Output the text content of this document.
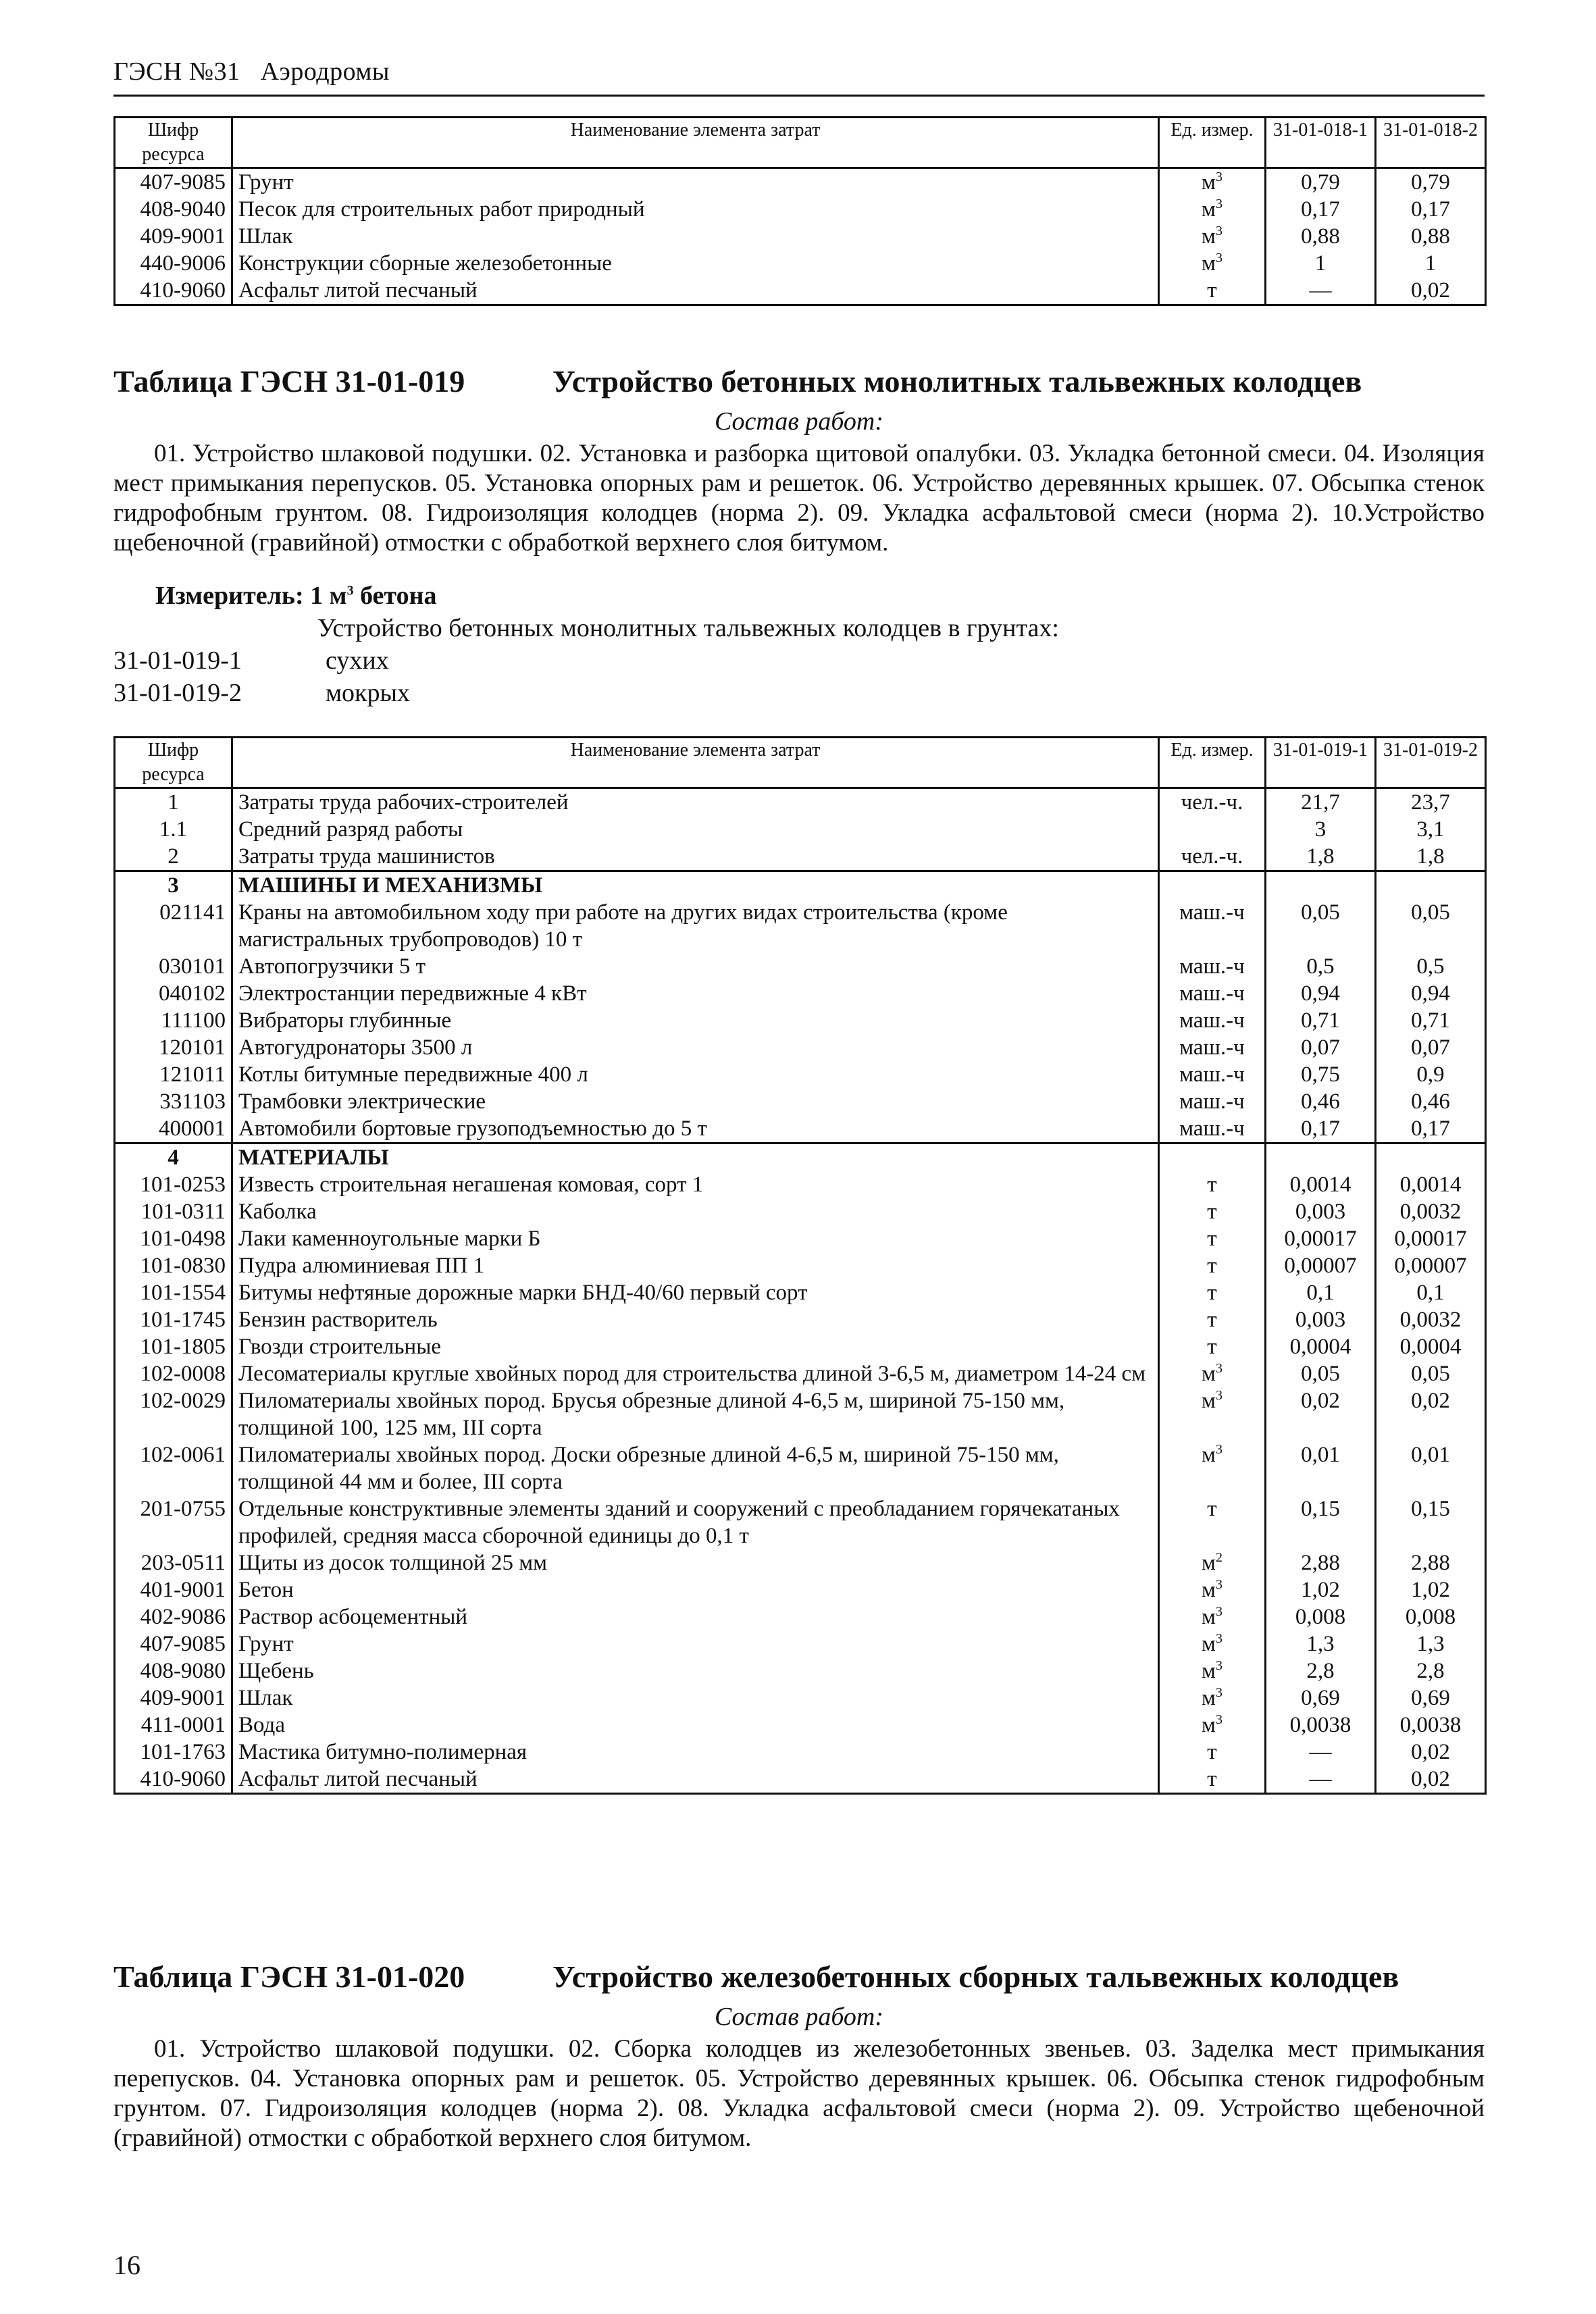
ГЭСН №31 Аэродромы
Шифр ресурса	Наименование элемента затрат	Ед. измер.	31-01-018-1	31-01-018-2
407-9085	Грунт	$м^3$	0,79	0,79
408-9040	Песок для строительных работ природный	$м^3$	0,17	0,17
409-9001	Шлак	$м^3$	0,88	0,88
440-9006	Конструкции сборные железобетонные	$м^3$	1	1
410-9060	Асфальт литой песчаный	т	—	0,02
Таблица ГЭСН 31-01-019	Устройство бетонных монолитных тальвежных колодцев
Состав работ:
01. Устройство шлаковой подушки. 02. Установка и разборка щитовой опалубки. 03. Укладка бетонной смеси. 04. Изоляция мест примыкания перепусков. 05. Установка опорных рам и решеток. 06. Устройство деревянных крышек. 07. Обсыпка стенок гидрофобным грунтом. 08. Гидроизоляция колодцев (норма 2). 09. Укладка асфальтовой смеси (норма 2). 10.Устройство щебеночной (гравийной) отмостки с обработкой верхнего слоя битумом.
Измеритель: 1 $м^3$ бетона
Устройство бетонных монолитных тальвежных колодцев в грунтах:
31-01-019-1	сухих
31-01-019-2	мокрых
Шифр ресурса	Наименование элемента затрат	Ед. измер.	31-01-019-1	31-01-019-2
1	Затраты труда рабочих-строителей	чел.-ч.	21,7	23,7
1.1	Средний разряд работы		3	3,1
2	Затраты труда машинистов	чел.-ч.	1,8	1,8
3	МАШИНЫ И МЕХАНИЗМЫ			
021141	Краны на автомобильном ходу при работе на других видах строительства (кроме магистральных трубопроводов) 10 т	маш.-ч	0,05	0,05
030101	Автопогрузчики 5 т	маш.-ч	0,5	0,5
040102	Электростанции передвижные 4 кВт	маш.-ч	0,94	0,94
111100	Вибраторы глубинные	маш.-ч	0,71	0,71
120101	Автогудронаторы 3500 л	маш.-ч	0,07	0,07
121011	Котлы битумные передвижные 400 л	маш.-ч	0,75	0,9
331103	Трамбовки электрические	маш.-ч	0,46	0,46
400001	Автомобили бортовые грузоподъемностью до 5 т	маш.-ч	0,17	0,17
4	МАТЕРИАЛЫ			
101-0253	Известь строительная негашеная комовая, сорт 1	т	0,0014	0,0014
101-0311	Каболка	т	0,003	0,0032
101-0498	Лаки каменноугольные марки Б	т	0,00017	0,00017
101-0830	Пудра алюминиевая ПП 1	т	0,00007	0,00007
101-1554	Битумы нефтяные дорожные марки БНД-40/60 первый сорт	т	0,1	0,1
101-1745	Бензин растворитель	т	0,003	0,0032
101-1805	Гвозди строительные	т	0,0004	0,0004
102-0008	Лесоматериалы круглые хвойных пород для строительства длиной 3-6,5 м, диаметром 14-24 см	$м^3$	0,05	0,05
102-0029	Пиломатериалы хвойных пород. Брусья обрезные длиной 4-6,5 м, шириной 75-150 мм, толщиной 100, 125 мм, III сорта	$м^3$	0,02	0,02
102-0061	Пиломатериалы хвойных пород. Доски обрезные длиной 4-6,5 м, шириной 75-150 мм, толщиной 44 мм и более, III сорта	$м^3$	0,01	0,01
201-0755	Отдельные конструктивные элементы зданий и сооружений с преобладанием горячекатаных профилей, средняя масса сборочной единицы до 0,1 т	т	0,15	0,15
203-0511	Щиты из досок толщиной 25 мм	$м^2$	2,88	2,88
401-9001	Бетон	$м^3$	1,02	1,02
402-9086	Раствор асбоцементный	$м^3$	0,008	0,008
407-9085	Грунт	$м^3$	1,3	1,3
408-9080	Щебень	$м^3$	2,8	2,8
409-9001	Шлак	$м^3$	0,69	0,69
411-0001	Вода	$м^3$	0,0038	0,0038
101-1763	Мастика битумно-полимерная	т	—	0,02
410-9060	Асфальт литой песчаный	т	—	0,02
Таблица ГЭСН 31-01-020	Устройство железобетонных сборных тальвежных колодцев
Состав работ:
01. Устройство шлаковой подушки. 02. Сборка колодцев из железобетонных звеньев. 03. Заделка мест примыкания перепусков. 04. Установка опорных рам и решеток. 05. Устройство деревянных крышек. 06. Обсыпка стенок гидрофобным грунтом. 07. Гидроизоляция колодцев (норма 2). 08. Укладка асфальтовой смеси (норма 2). 09. Устройство щебеночной (гравийной) отмостки с обработкой верхнего слоя битумом.
16
